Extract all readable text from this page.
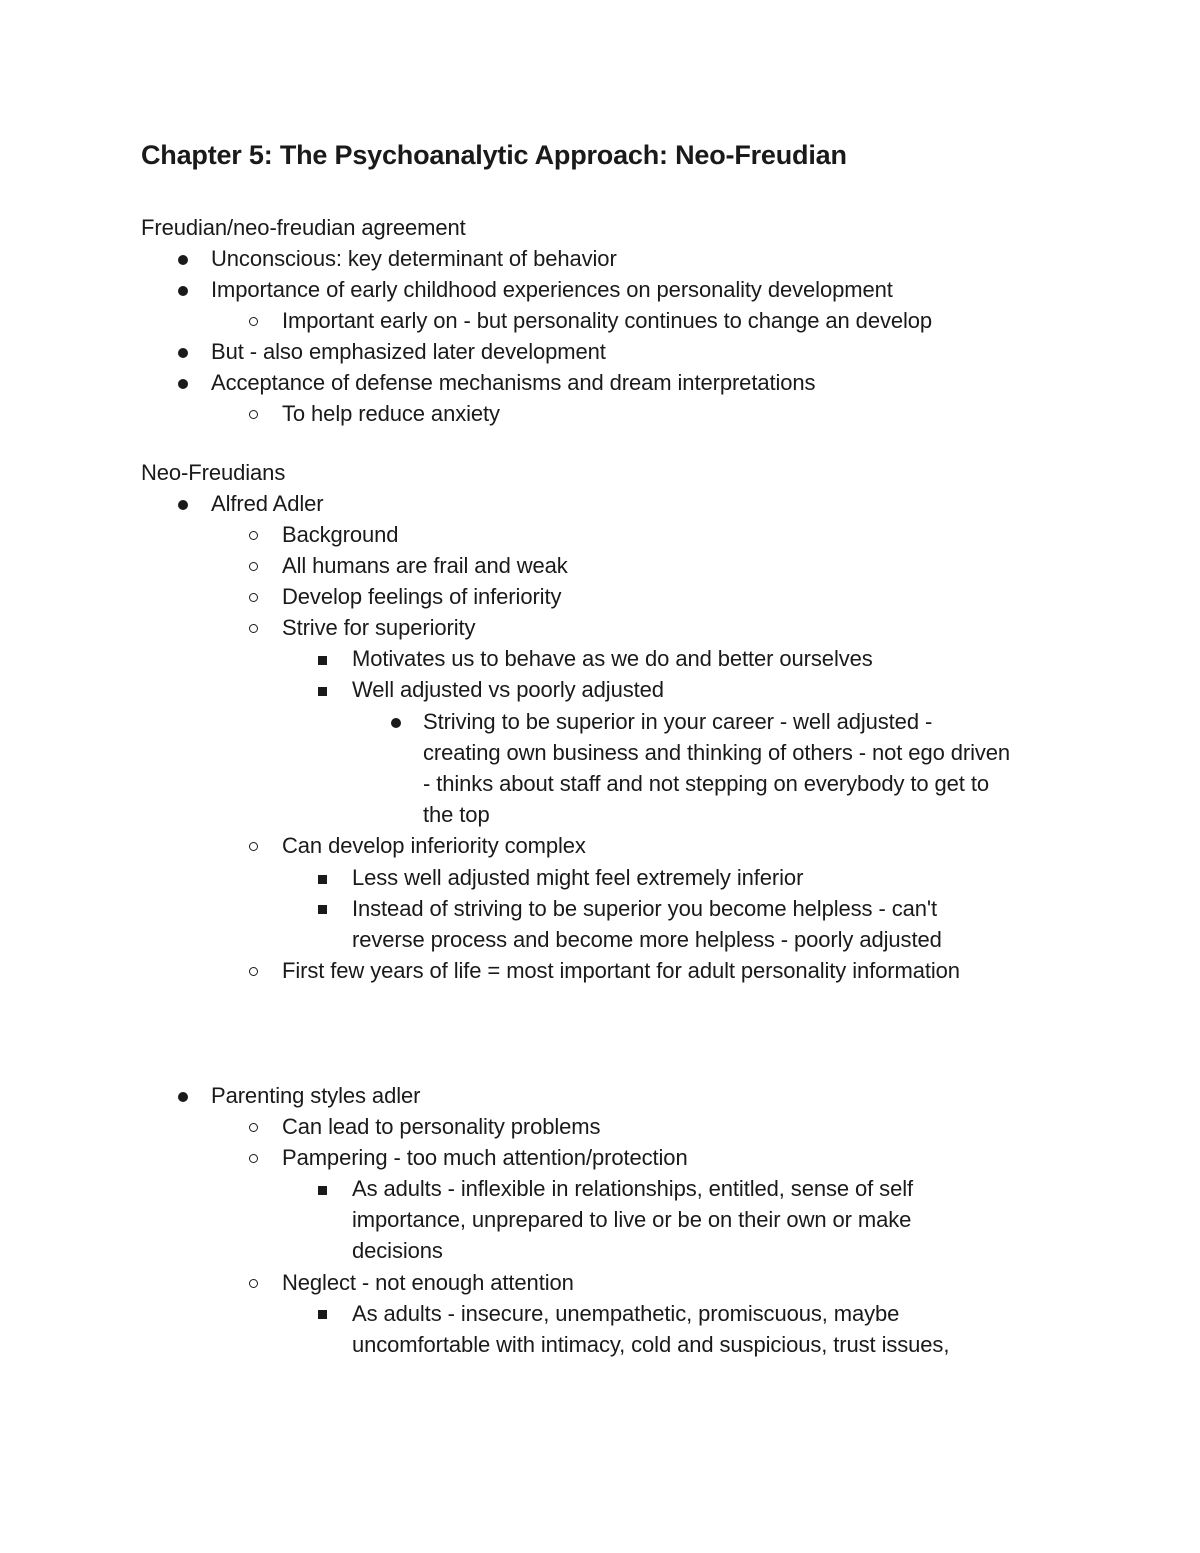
Chapter 5: The Psychoanalytic Approach: Neo-Freudian
Freudian/neo-freudian agreement
Unconscious: key determinant of behavior
Importance of early childhood experiences on personality development
Important early on - but personality continues to change an develop
But - also emphasized later development
Acceptance of defense mechanisms and dream interpretations
To help reduce anxiety
Neo-Freudians
Alfred Adler
Background
All humans are frail and weak
Develop feelings of inferiority
Strive for superiority
Motivates us to behave as we do and better ourselves
Well adjusted vs poorly adjusted
Striving to be superior in your career - well adjusted -
creating own business and thinking of others - not ego driven
- thinks about staff and not stepping on everybody to get to
the top
Can develop inferiority complex
Less well adjusted might feel extremely inferior
Instead of striving to be superior you become helpless - can't
reverse process and become more helpless - poorly adjusted
First few years of life = most important for adult personality information
Parenting styles adler
Can lead to personality problems
Pampering - too much attention/protection
As adults - inflexible in relationships, entitled, sense of self
importance, unprepared to live or be on their own or make
decisions
Neglect - not enough attention
As adults - insecure, unempathetic, promiscuous, maybe
uncomfortable with intimacy, cold and suspicious, trust issues,
